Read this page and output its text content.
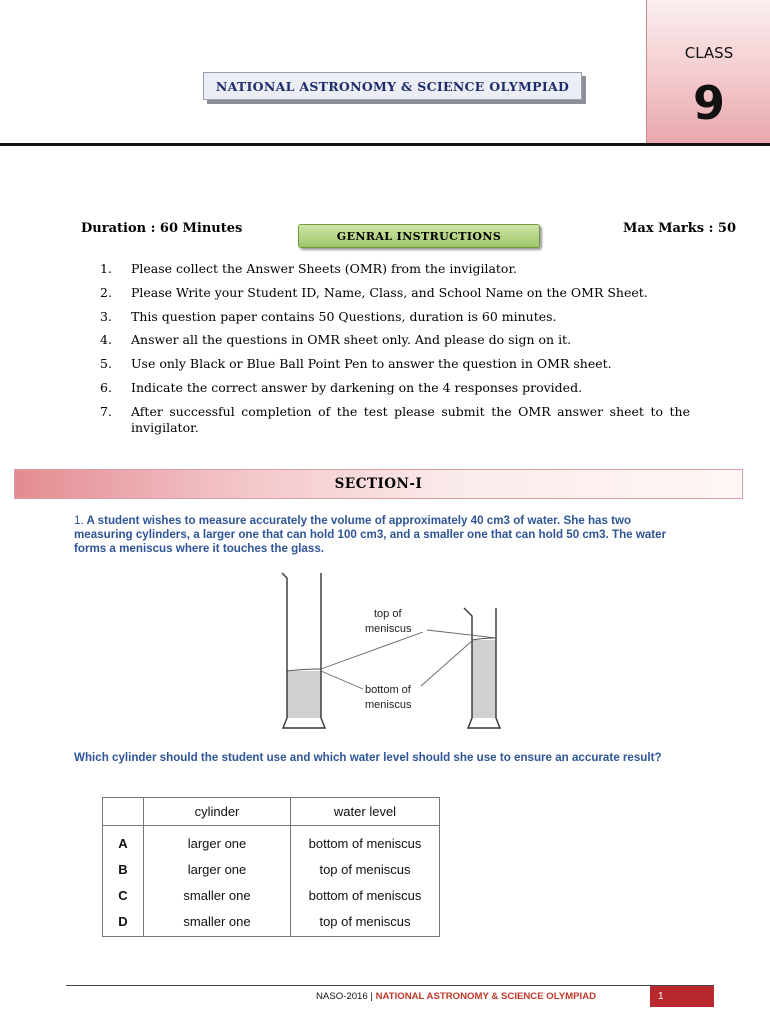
NATIONAL ASTRONOMY & SCIENCE OLYMPIAD
CLASS
9
Duration : 60 Minutes	GENRAL INSTRUCTIONS	Max Marks : 50
1.	Please collect the Answer Sheets (OMR) from the invigilator.
2.	Please Write your Student ID, Name, Class, and School Name on the OMR Sheet.
3.	This question paper contains 50 Questions, duration is 60 minutes.
4.	Answer all the questions in OMR sheet only. And please do sign on it.
5.	Use only Black or Blue Ball Point Pen to answer the question in OMR sheet.
6.	Indicate the correct answer by darkening on the 4 responses provided.
7.	After successful completion of the test please submit the OMR answer sheet to the invigilator.
SECTION-I
1. A student wishes to measure accurately the volume of approximately 40 cm3 of water. She has two measuring cylinders, a larger one that can hold 100 cm3, and a smaller one that can hold 50 cm3. The water forms a meniscus where it touches the glass.
top of
meniscus
bottom of
meniscus
Which cylinder should the student use and which water level should she use to ensure an accurate result?
	cylinder	water level
A	larger one	bottom of meniscus
B	larger one	top of meniscus
C	smaller one	bottom of meniscus
D	smaller one	top of meniscus
NASO-2016 | NATIONAL ASTRONOMY & SCIENCE OLYMPIAD	1
